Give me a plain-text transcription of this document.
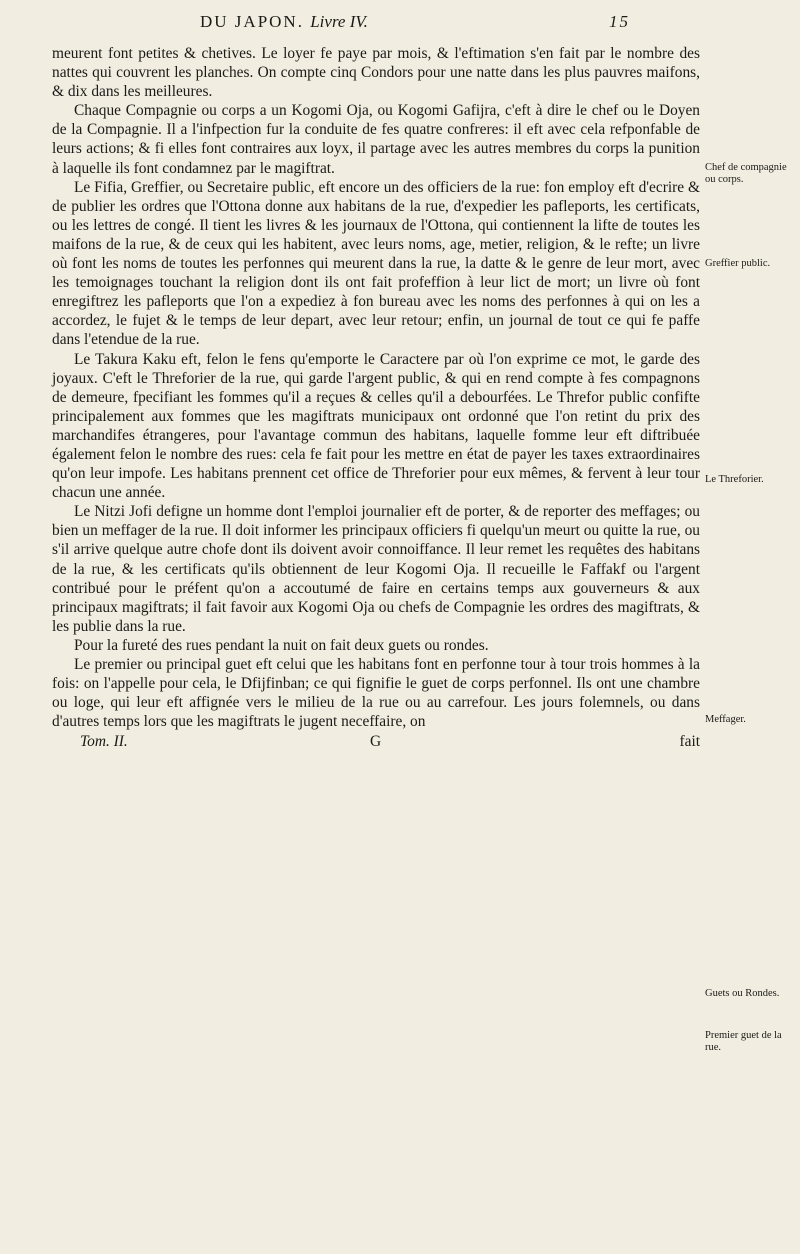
DU JAPON. Livre IV.	15

meurent font petites & chetives. Le loyer fe paye par mois, & l'eftimation s'en fait par le nombre des nattes qui couvrent les planches. On compte cinq Condors pour une natte dans les plus pauvres maifons, & dix dans les meilleures.

Chaque Compagnie ou corps a un Kogomi Oja, ou Kogomi Gafijra, c'eft à dire le chef ou le Doyen de la Compagnie. Il a l'infpection fur la conduite de fes quatre confreres: il eft avec cela refponfable de leurs actions; & fi elles font contraires aux loyx, il partage avec les autres membres du corps la punition à laquelle ils font condamnez par le magiftrat.

Le Fifia, Greffier, ou Secretaire public, eft encore un des officiers de la rue: fon employ eft d'ecrire & de publier les ordres que l'Ottona donne aux habitans de la rue, d'expedier les pafleports, les certificats, ou les lettres de congé. Il tient les livres & les journaux de l'Ottona, qui contiennent la lifte de toutes les maifons de la rue, & de ceux qui les habitent, avec leurs noms, age, metier, religion, & le refte; un livre où font les noms de toutes les perfonnes qui meurent dans la rue, la datte & le genre de leur mort, avec les temoignages touchant la religion dont ils ont fait profeffion à leur lict de mort; un livre où font enregiftrez les pafleports que l'on a expediez à fon bureau avec les noms des perfonnes à qui on les a accordez, le fujet & le temps de leur depart, avec leur retour; enfin, un journal de tout ce qui fe paffe dans l'etendue de la rue.

Le Takura Kaku eft, felon le fens qu'emporte le Caractere par où l'on exprime ce mot, le garde des joyaux. C'eft le Threforier de la rue, qui garde l'argent public, & qui en rend compte à fes compagnons de demeure, fpecifiant les fommes qu'il a reçues & celles qu'il a debourfées. Le Threfor public confifte principalement aux fommes que les magiftrats municipaux ont ordonné que l'on retint du prix des marchandifes étrangeres, pour l'avantage commun des habitans, laquelle fomme leur eft diftribuée également felon le nombre des rues: cela fe fait pour les mettre en état de payer les taxes extraordinaires qu'on leur impofe. Les habitans prennent cet office de Threforier pour eux mêmes, & fervent à leur tour chacun une année.

Le Nitzi Jofi defigne un homme dont l'emploi journalier eft de porter, & de reporter des meffages; ou bien un meffager de la rue. Il doit informer les principaux officiers fi quelqu'un meurt ou quitte la rue, ou s'il arrive quelque autre chofe dont ils doivent avoir connoiffance. Il leur remet les requêtes des habitans de la rue, & les certificats qu'ils obtiennent de leur Kogomi Oja. Il recueille le Faffakf ou l'argent contribué pour le préfent qu'on a accoutumé de faire en certains temps aux gouverneurs & aux principaux magiftrats; il fait favoir aux Kogomi Oja ou chefs de Compagnie les ordres des magiftrats, & les publie dans la rue.

Pour la fureté des rues pendant la nuit on fait deux guets ou rondes.

Le premier ou principal guet eft celui que les habitans font en perfonne tour à tour trois hommes à la fois: on l'appelle pour cela, le Dfijfinban; ce qui fignifie le guet de corps perfonnel. Ils ont une chambre ou loge, qui leur eft affignée vers le milieu de la rue ou au carrefour. Les jours folemnels, ou dans d'autres temps lors que les magiftrats le jugent neceffaire, on

Chef de compagnie ou corps.
Greffier public.
Le Threforier.
Meffager.
Guets ou Rondes.
Premier guet de la rue.
Tom. II.	G	fait
